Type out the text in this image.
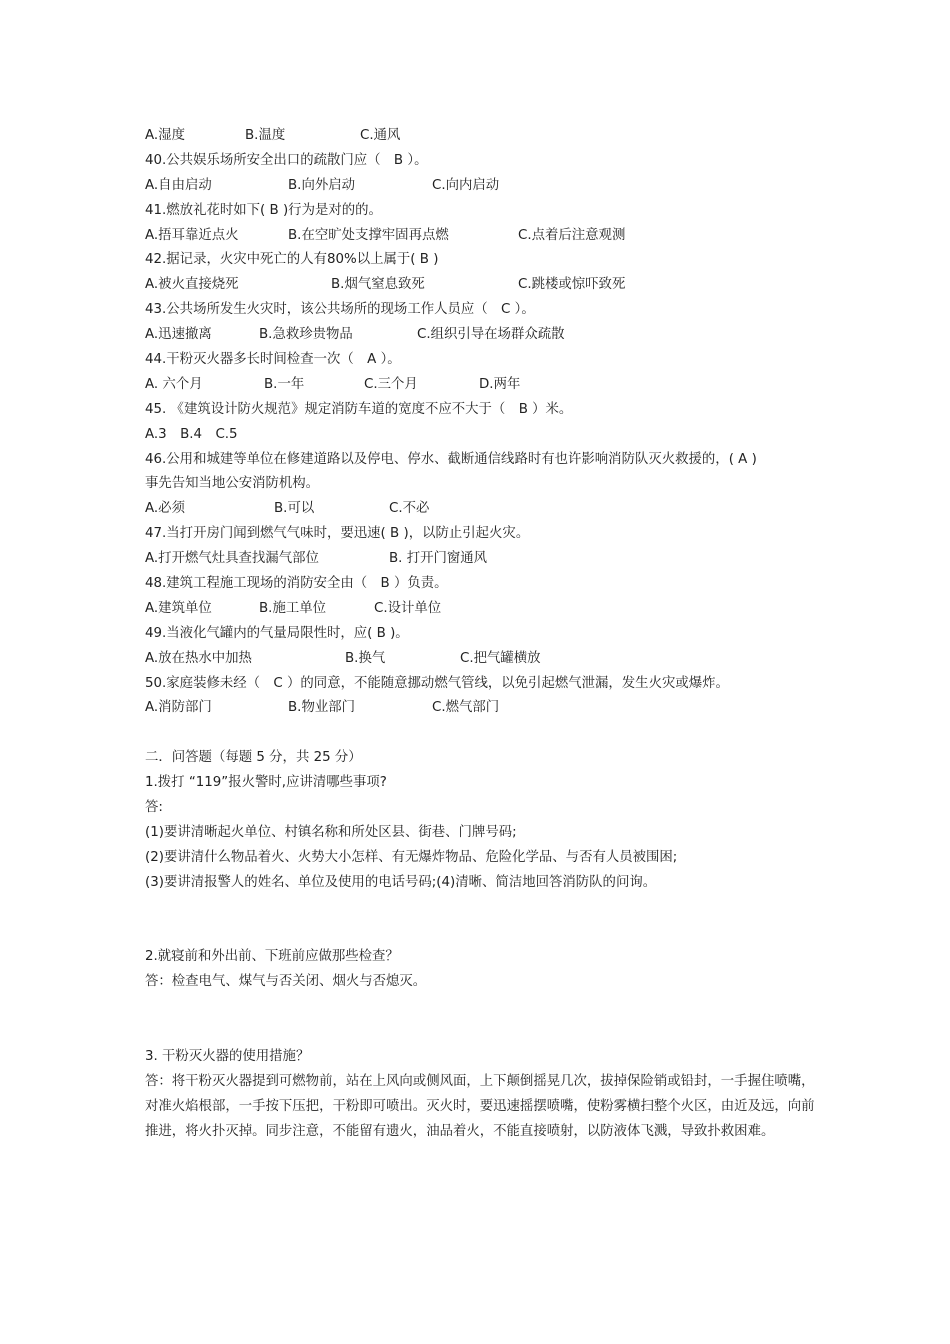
A.湿度	B.温度	C.通风
40.公共娱乐场所安全出口的疏散门应（　B ）。
A.自由启动	B.向外启动	C.向内启动
41.燃放礼花时如下( B )行为是对的的。
A.捂耳靠近点火	B.在空旷处支撑牢固再点燃	C.点着后注意观测
42.据记录，火灾中死亡的人有80%以上属于( B )
A.被火直接烧死	B.烟气窒息致死	C.跳楼或惊吓致死
43.公共场所发生火灾时，该公共场所的现场工作人员应（　C ）。
A.迅速撤离	B.急救珍贵物品	C.组织引导在场群众疏散
44.干粉灭火器多长时间检查一次（　A ）。
A. 六个月	B.一年	C.三个月	D.两年
45. 《建筑设计防火规范》规定消防车道的宽度不应不大于（　B ）米。
A.3　B.4　C.5
46.公用和城建等单位在修建道路以及停电、停水、截断通信线路时有也许影响消防队灭火救援的，( A )
事先告知当地公安消防机构。
A.必须	B.可以	C.不必
47.当打开房门闻到燃气气味时，要迅速( B )，以防止引起火灾。
A.打开燃气灶具查找漏气部位	B. 打开门窗通风
48.建筑工程施工现场的消防安全由（　B ）负责。
A.建筑单位	B.施工单位	C.设计单位
49.当液化气罐内的气量局限性时，应( B )。
A.放在热水中加热	B.换气	C.把气罐横放
50.家庭装修未经（　C ）的同意，不能随意挪动燃气管线，以免引起燃气泄漏，发生火灾或爆炸。
A.消防部门	B.物业部门	C.燃气部门
二．问答题（每题 5 分，共 25 分）
1.拨打 “119”报火警时,应讲清哪些事项?
答:
(1)要讲清晰起火单位、村镇名称和所处区县、街巷、门牌号码;
(2)要讲清什么物品着火、火势大小怎样、有无爆炸物品、危险化学品、与否有人员被围困;
(3)要讲清报警人的姓名、单位及使用的电话号码;(4)清晰、简洁地回答消防队的问询。
2.就寝前和外出前、下班前应做那些检查？
答：检查电气、煤气与否关闭、烟火与否熄灭。
3. 干粉灭火器的使用措施？
答：将干粉灭火器提到可燃物前，站在上风向或侧风面，上下颠倒摇晃几次，拔掉保险销或铅封，一手握住喷嘴，对准火焰根部，一手按下压把，干粉即可喷出。灭火时，要迅速摇摆喷嘴，使粉雾横扫整个火区，由近及远，向前推进，将火扑灭掉。同步注意，不能留有遗火，油品着火，不能直接喷射，以防液体飞溅，导致扑救困难。
